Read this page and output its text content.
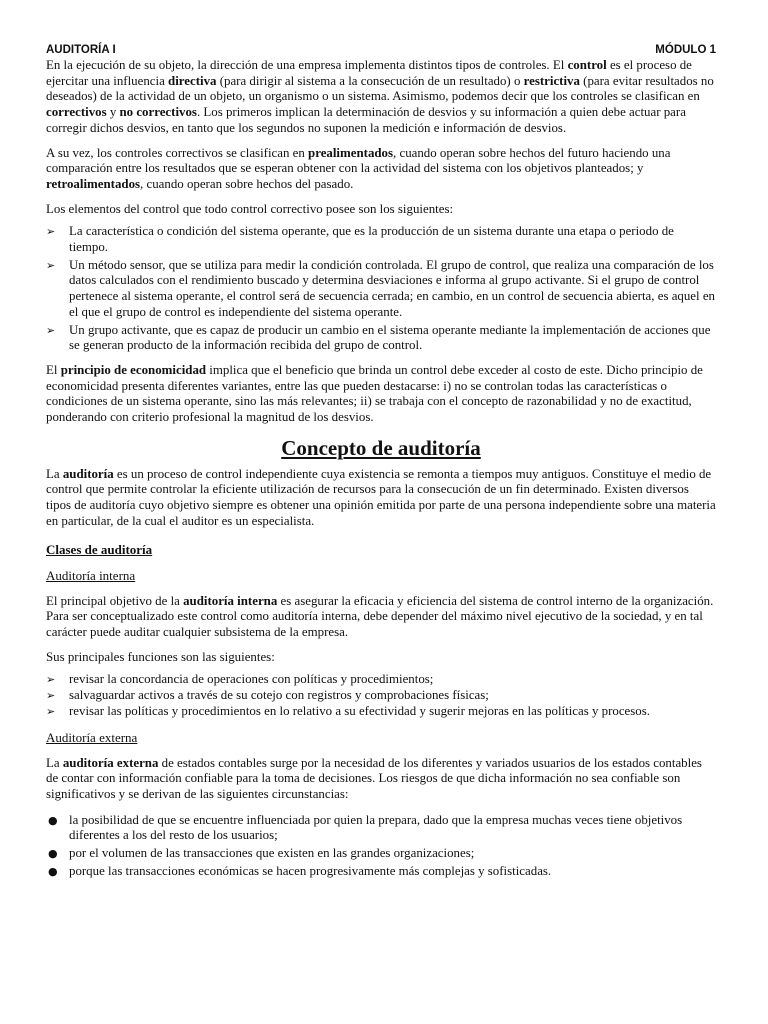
AUDITORÍA I	MÓDULO 1

En la ejecución de su objeto, la dirección de una empresa implementa distintos tipos de controles. El control es el proceso de ejercitar una influencia directiva (para dirigir al sistema a la consecución de un resultado) o restrictiva (para evitar resultados no deseados) de la actividad de un objeto, un organismo o un sistema. Asimismo, podemos decir que los controles se clasifican en correctivos y no correctivos. Los primeros implican la determinación de desvios y su información a quien debe actuar para corregir dichos desvios, en tanto que los segundos no suponen la medición e información de desvios.

A su vez, los controles correctivos se clasifican en prealimentados, cuando operan sobre hechos del futuro haciendo una comparación entre los resultados que se esperan obtener con la actividad del sistema con los objetivos planteados; y retroalimentados, cuando operan sobre hechos del pasado.

Los elementos del control que todo control correctivo posee son los siguientes:

➢ La característica o condición del sistema operante, que es la producción de un sistema durante una etapa o periodo de tiempo.
➢ Un método sensor, que se utiliza para medir la condición controlada. El grupo de control, que realiza una comparación de los datos calculados con el rendimiento buscado y determina desviaciones e informa al grupo activante. Si el grupo de control pertenece al sistema operante, el control será de secuencia cerrada; en cambio, en un control de secuencia abierta, es aquel en el que el grupo de control es independiente del sistema operante.
➢ Un grupo activante, que es capaz de producir un cambio en el sistema operante mediante la implementación de acciones que se generan producto de la información recibida del grupo de control.

El principio de economicidad implica que el beneficio que brinda un control debe exceder al costo de este. Dicho principio de economicidad presenta diferentes variantes, entre las que pueden destacarse: i) no se controlan todas las características o condiciones de un sistema operante, sino las más relevantes; ii) se trabaja con el concepto de razonabilidad y no de exactitud, ponderando con criterio profesional la magnitud de los desvios.

Concepto de auditoría

La auditoría es un proceso de control independiente cuya existencia se remonta a tiempos muy antiguos. Constituye el medio de control que permite controlar la eficiente utilización de recursos para la consecución de un fin determinado. Existen diversos tipos de auditoría cuyo objetivo siempre es obtener una opinión emitida por parte de una persona independiente sobre una materia en particular, de la cual el auditor es un especialista.

Clases de auditoría
Auditoría interna

El principal objetivo de la auditoría interna es asegurar la eficacia y eficiencia del sistema de control interno de la organización. Para ser conceptualizado este control como auditoría interna, debe depender del máximo nivel ejecutivo de la sociedad, y en tal carácter puede auditar cualquier subsistema de la empresa.

Sus principales funciones son las siguientes:

➢ revisar la concordancia de operaciones con políticas y procedimientos;
➢ salvaguardar activos a través de su cotejo con registros y comprobaciones físicas;
➢ revisar las políticas y procedimientos en lo relativo a su efectividad y sugerir mejoras en las políticas y procesos.
Auditoría externa

La auditoría externa de estados contables surge por la necesidad de los diferentes y variados usuarios de los estados contables de contar con información confiable para la toma de decisiones. Los riesgos de que dicha información no sea confiable son significativos y se derivan de las siguientes circunstancias:

● la posibilidad de que se encuentre influenciada por quien la prepara, dado que la empresa muchas veces tiene objetivos diferentes a los del resto de los usuarios;
● por el volumen de las transacciones que existen en las grandes organizaciones;
● porque las transacciones económicas se hacen progresivamente más complejas y sofisticadas.
